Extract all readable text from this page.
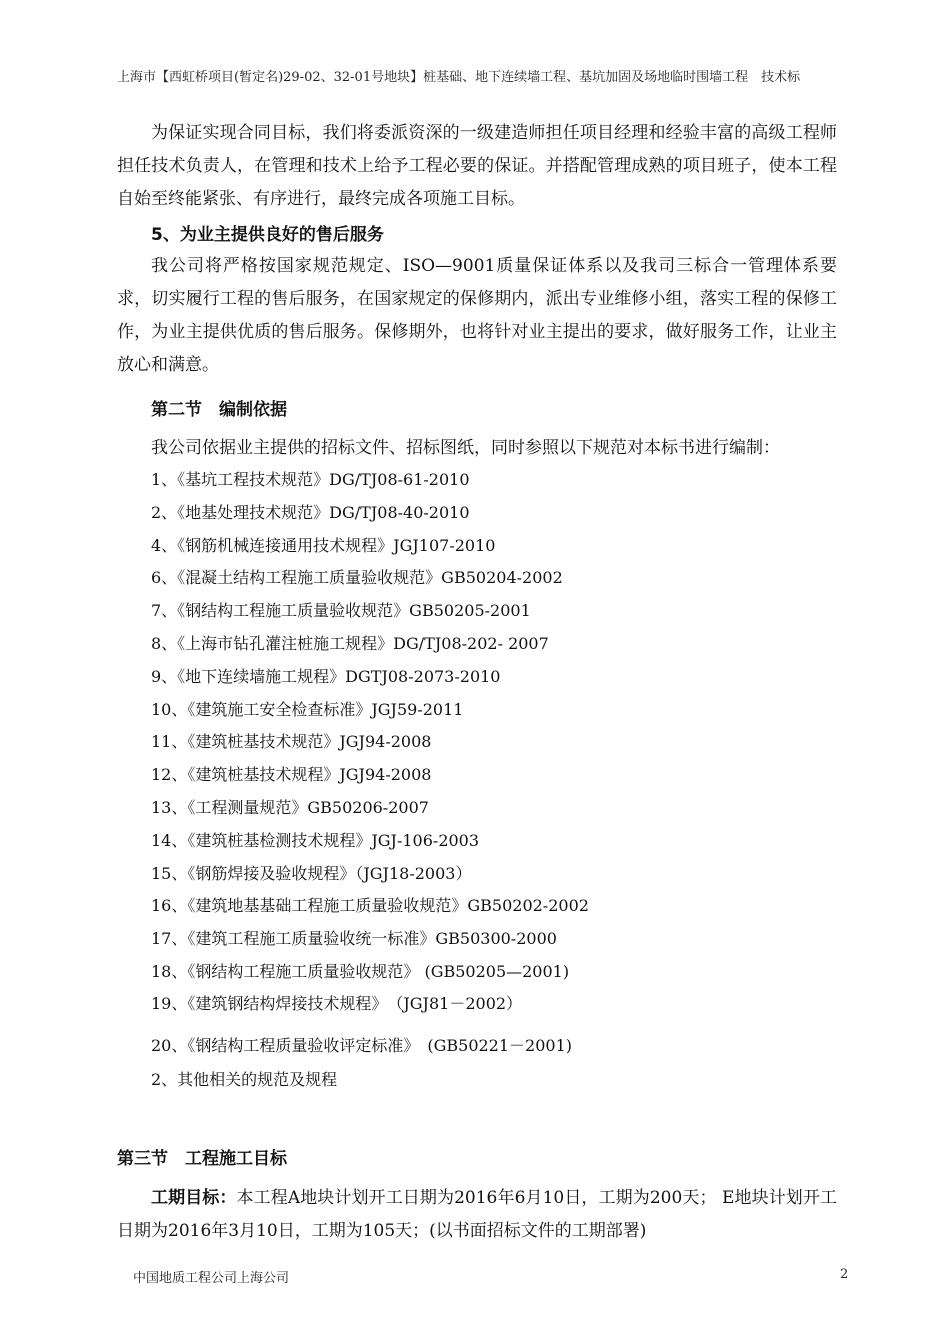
上海市【西虹桥项目(暂定名)29-02、32-01号地块】桩基础、地下连续墙工程、基坑加固及场地临时围墙工程　技术标

为保证实现合同目标，我们将委派资深的一级建造师担任项目经理和经验丰富的高级工程师担任技术负责人，在管理和技术上给予工程必要的保证。并搭配管理成熟的项目班子，使本工程自始至终能紧张、有序进行，最终完成各项施工目标。

5、为业主提供良好的售后服务

我公司将严格按国家规范规定、ISO—9001质量保证体系以及我司三标合一管理体系要求，切实履行工程的售后服务，在国家规定的保修期内，派出专业维修小组，落实工程的保修工作，为业主提供优质的售后服务。保修期外，也将针对业主提出的要求，做好服务工作，让业主放心和满意。

第二节　编制依据

我公司依据业主提供的招标文件、招标图纸，同时参照以下规范对本标书进行编制：

1、《基坑工程技术规范》DG/TJ08-61-2010

2、《地基处理技术规范》DG/TJ08-40-2010

4、《钢筋机械连接通用技术规程》JGJ107-2010

6、《混凝土结构工程施工质量验收规范》GB50204-2002

7、《钢结构工程施工质量验收规范》GB50205-2001

8、《上海市钻孔灌注桩施工规程》DG/TJ08-202- 2007

9、《地下连续墙施工规程》DGTJ08-2073-2010

10、《建筑施工安全检查标准》JGJ59-2011

11、《建筑桩基技术规范》JGJ94-2008

12、《建筑桩基技术规程》JGJ94-2008

13、《工程测量规范》GB50206-2007

14、《建筑桩基检测技术规程》JGJ-106-2003

15、《钢筋焊接及验收规程》（JGJ18-2003）

16、《建筑地基基础工程施工质量验收规范》GB50202-2002

17、《建筑工程施工质量验收统一标准》GB50300-2000

18、《钢结构工程施工质量验收规范》 (GB50205—2001)

19、《建筑钢结构焊接技术规程》　（JGJ81－2002）

20、《钢结构工程质量验收评定标准》　(GB50221－2001)

2、其他相关的规范及规程

第三节　工程施工目标

工期目标：本工程A地块计划开工日期为2016年6月10日，工期为200天； E地块计划开工日期为2016年3月10日，工期为105天；(以书面招标文件的工期部署)

中国地质工程公司上海公司	2
